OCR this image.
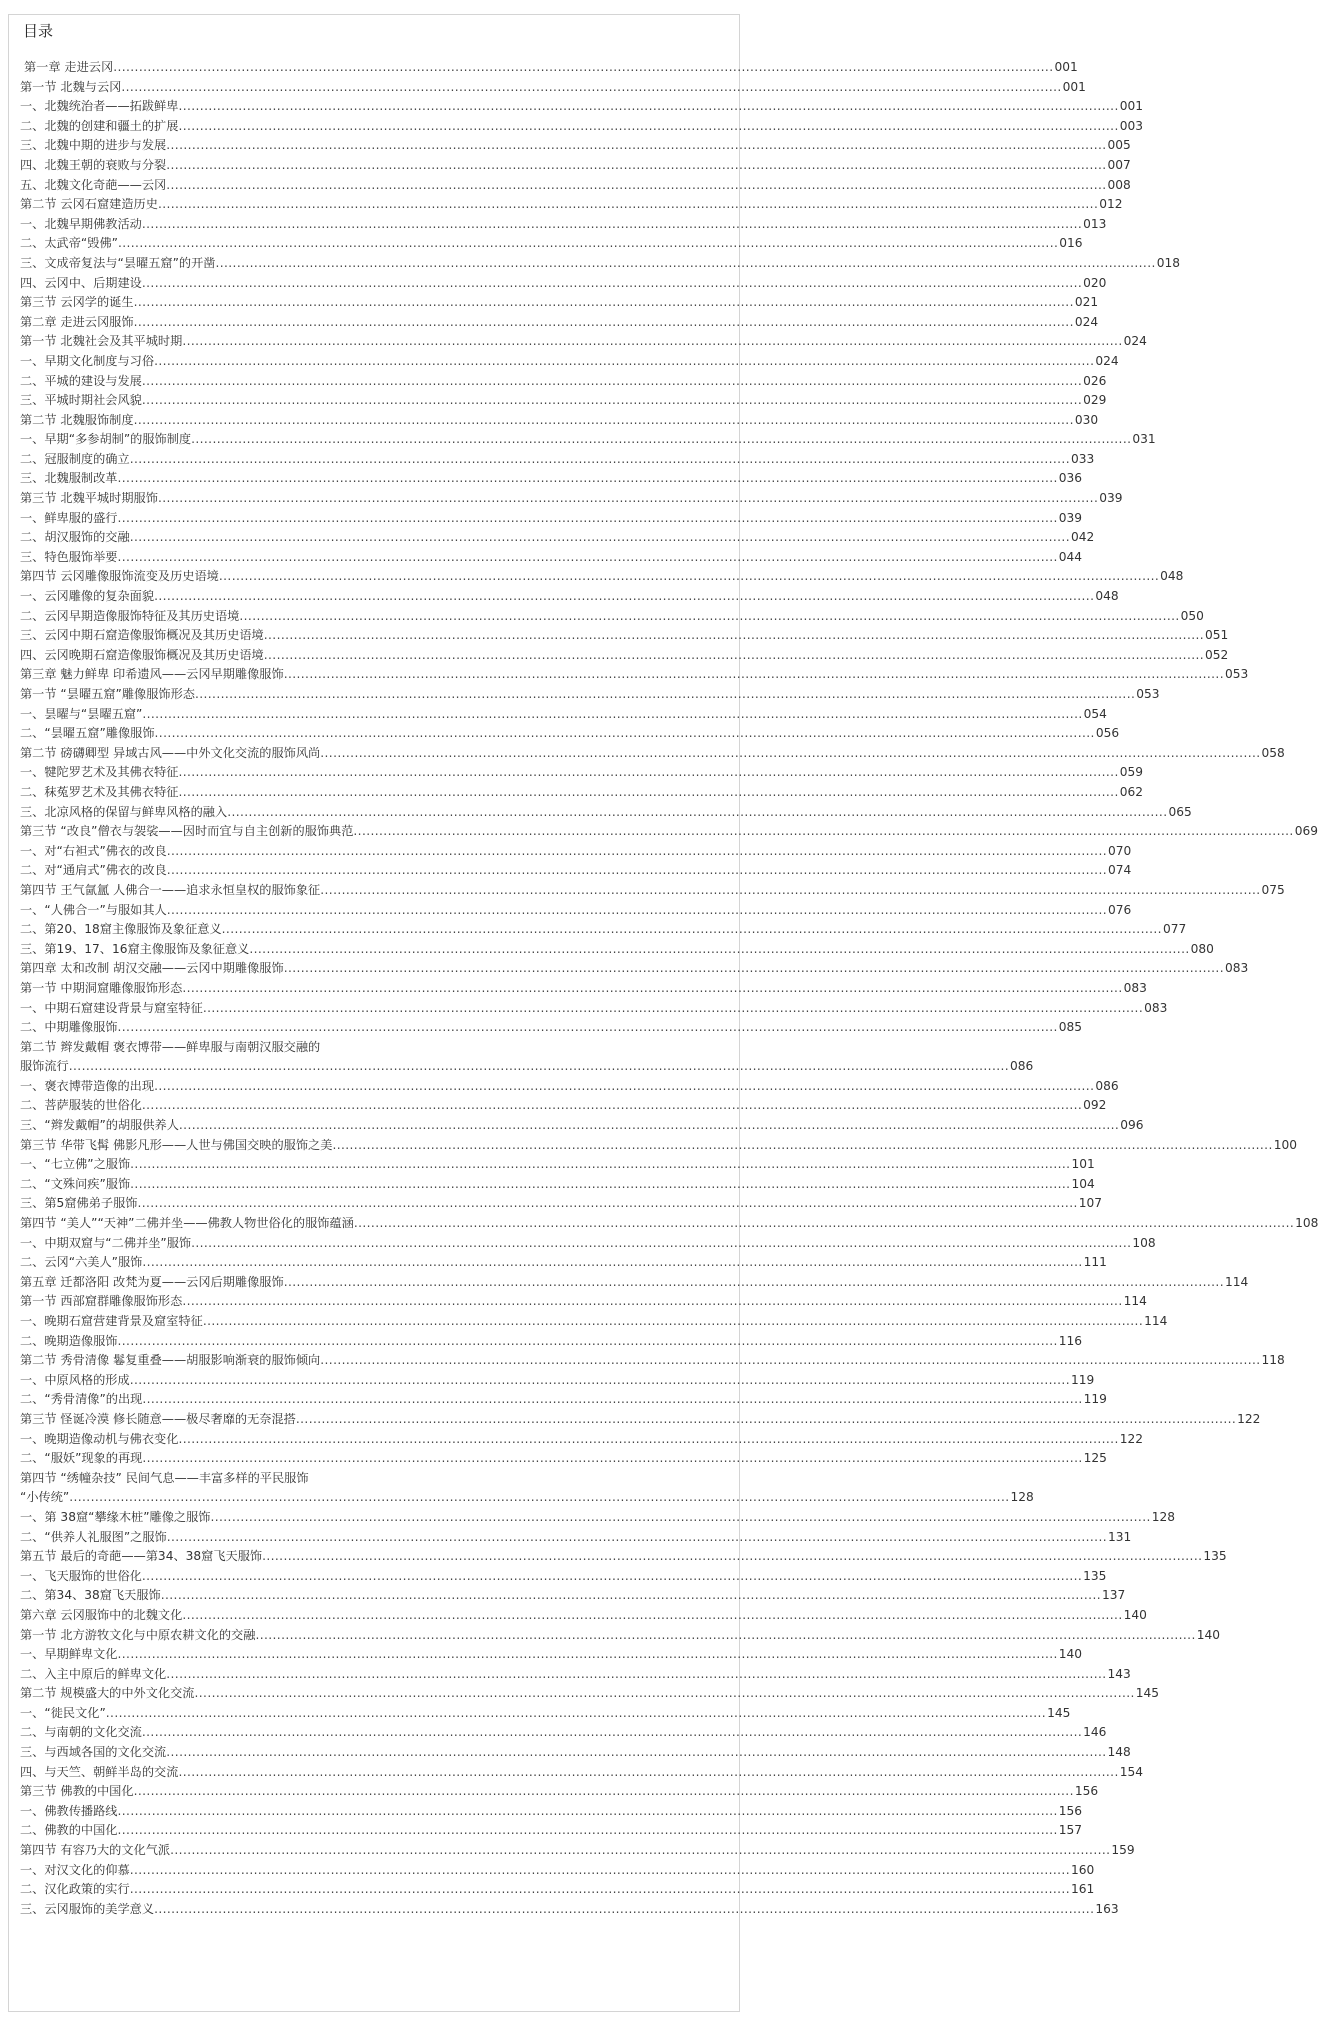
目录
第一章 走进云冈 ............................................................................................................................................................................................................................ 001
第一节 北魏与云冈 ............................................................................................................................................................................................................................ 001
一、北魏统治者——拓跋鲜卑 ............................................................................................................................................................................................................................ 001
二、北魏的创建和疆土的扩展 ............................................................................................................................................................................................................................ 003
三、北魏中期的进步与发展 ............................................................................................................................................................................................................................ 005
四、北魏王朝的衰败与分裂 ............................................................................................................................................................................................................................ 007
五、北魏文化奇葩——云冈 ............................................................................................................................................................................................................................ 008
第二节 云冈石窟建造历史 ............................................................................................................................................................................................................................ 012
一、北魏早期佛教活动 ............................................................................................................................................................................................................................ 013
二、太武帝“毁佛” ............................................................................................................................................................................................................................ 016
三、文成帝复法与“昙曜五窟”的开凿 ............................................................................................................................................................................................................................ 018
四、云冈中、后期建设 ............................................................................................................................................................................................................................ 020
第三节 云冈学的诞生 ............................................................................................................................................................................................................................ 021
第二章 走进云冈服饰 ............................................................................................................................................................................................................................ 024
第一节 北魏社会及其平城时期 ............................................................................................................................................................................................................................ 024
一、早期文化制度与习俗 ............................................................................................................................................................................................................................ 024
二、平城的建设与发展 ............................................................................................................................................................................................................................ 026
三、平城时期社会风貌 ............................................................................................................................................................................................................................ 029
第二节 北魏服饰制度 ............................................................................................................................................................................................................................ 030
一、早期“多参胡制”的服饰制度 ............................................................................................................................................................................................................................ 031
二、冠服制度的确立 ............................................................................................................................................................................................................................ 033
三、北魏服制改革 ............................................................................................................................................................................................................................ 036
第三节 北魏平城时期服饰 ............................................................................................................................................................................................................................ 039
一、鲜卑服的盛行 ............................................................................................................................................................................................................................ 039
二、胡汉服饰的交融 ............................................................................................................................................................................................................................ 042
三、特色服饰举要 ............................................................................................................................................................................................................................ 044
第四节 云冈雕像服饰流变及历史语境 ............................................................................................................................................................................................................................ 048
一、云冈雕像的复杂面貌 ............................................................................................................................................................................................................................ 048
二、云冈早期造像服饰特征及其历史语境 ............................................................................................................................................................................................................................ 050
三、云冈中期石窟造像服饰概况及其历史语境 ............................................................................................................................................................................................................................ 051
四、云冈晚期石窟造像服饰概况及其历史语境 ............................................................................................................................................................................................................................ 052
第三章 魅力鲜卑 印希遗风——云冈早期雕像服饰 ............................................................................................................................................................................................................................ 053
第一节 “昙曜五窟”雕像服饰形态 ............................................................................................................................................................................................................................ 053
一、昙曜与“昙曜五窟” ............................................................................................................................................................................................................................ 054
二、“昙曜五窟”雕像服饰 ............................................................................................................................................................................................................................ 056
第二节 磅礴卿型 异域古风——中外文化交流的服饰风尚 ............................................................................................................................................................................................................................ 058
一、犍陀罗艺术及其佛衣特征 ............................................................................................................................................................................................................................ 059
二、秣菟罗艺术及其佛衣特征 ............................................................................................................................................................................................................................ 062
三、北凉风格的保留与鲜卑风格的融入 ............................................................................................................................................................................................................................ 065
第三节 “改良”僧衣与袈裟——因时而宜与自主创新的服饰典范 ............................................................................................................................................................................................................................ 069
一、对“右袒式”佛衣的改良 ............................................................................................................................................................................................................................ 070
二、对“通肩式”佛衣的改良 ............................................................................................................................................................................................................................ 074
第四节 王气氤氲 人佛合一——追求永恒皇权的服饰象征 ............................................................................................................................................................................................................................ 075
一、“人佛合一”与服如其人 ............................................................................................................................................................................................................................ 076
二、第20、18窟主像服饰及象征意义 ............................................................................................................................................................................................................................ 077
三、第19、17、16窟主像服饰及象征意义 ............................................................................................................................................................................................................................ 080
第四章 太和改制 胡汉交融——云冈中期雕像服饰 ............................................................................................................................................................................................................................ 083
第一节 中期洞窟雕像服饰形态 ............................................................................................................................................................................................................................ 083
一、中期石窟建设背景与窟室特征 ............................................................................................................................................................................................................................ 083
二、中期雕像服饰 ............................................................................................................................................................................................................................ 085
第二节 辫发戴帽 褒衣博带——鲜卑服与南朝汉服交融的
服饰流行 ............................................................................................................................................................................................................................ 086
一、褒衣博带造像的出现 ............................................................................................................................................................................................................................ 086
二、菩萨服装的世俗化 ............................................................................................................................................................................................................................ 092
三、“辫发戴帽”的胡服供养人 ............................................................................................................................................................................................................................ 096
第三节 华带飞髯 佛影凡形——人世与佛国交映的服饰之美 ............................................................................................................................................................................................................................ 100
一、“七立佛”之服饰 ............................................................................................................................................................................................................................ 101
二、“文殊问疾”服饰 ............................................................................................................................................................................................................................ 104
三、第5窟佛弟子服饰 ............................................................................................................................................................................................................................ 107
第四节 “美人”“天神”二佛并坐——佛教人物世俗化的服饰蕴涵 ............................................................................................................................................................................................................................ 108
一、中期双窟与“二佛并坐”服饰 ............................................................................................................................................................................................................................ 108
二、云冈“六美人”服饰 ............................................................................................................................................................................................................................ 111
第五章 迁都洛阳 改梵为夏——云冈后期雕像服饰 ............................................................................................................................................................................................................................ 114
第一节 西部窟群雕像服饰形态 ............................................................................................................................................................................................................................ 114
一、晚期石窟营建背景及窟室特征 ............................................................................................................................................................................................................................ 114
二、晚期造像服饰 ............................................................................................................................................................................................................................ 116
第二节 秀骨清像 鬈复重叠——胡服影响渐衰的服饰倾向 ............................................................................................................................................................................................................................ 118
一、中原风格的形成 ............................................................................................................................................................................................................................ 119
二、“秀骨清像”的出现 ............................................................................................................................................................................................................................ 119
第三节 怪诞冷漠 修长随意——极尽奢靡的无奈混搭 ............................................................................................................................................................................................................................ 122
一、晚期造像动机与佛衣变化 ............................................................................................................................................................................................................................ 122
二、“服妖”现象的再现 ............................................................................................................................................................................................................................ 125
第四节 “绣幢杂技” 民间气息——丰富多样的平民服饰
“小传统” ............................................................................................................................................................................................................................ 128
一、第 38窟“攀缘木桩”雕像之服饰 ............................................................................................................................................................................................................................ 128
二、“供养人礼服图”之服饰 ............................................................................................................................................................................................................................ 131
第五节 最后的奇葩——第34、38窟飞天服饰 ............................................................................................................................................................................................................................ 135
一、飞天服饰的世俗化 ............................................................................................................................................................................................................................ 135
二、第34、38窟飞天服饰 ............................................................................................................................................................................................................................ 137
第六章 云冈服饰中的北魏文化 ............................................................................................................................................................................................................................ 140
第一节 北方游牧文化与中原农耕文化的交融 ............................................................................................................................................................................................................................ 140
一、早期鲜卑文化 ............................................................................................................................................................................................................................ 140
二、入主中原后的鲜卑文化 ............................................................................................................................................................................................................................ 143
第二节 规模盛大的中外文化交流 ............................................................................................................................................................................................................................ 145
一、“徙民文化” ............................................................................................................................................................................................................................ 145
二、与南朝的文化交流 ............................................................................................................................................................................................................................ 146
三、与西域各国的文化交流 ............................................................................................................................................................................................................................ 148
四、与天竺、朝鲜半岛的交流 ............................................................................................................................................................................................................................ 154
第三节 佛教的中国化 ............................................................................................................................................................................................................................ 156
一、佛教传播路线 ............................................................................................................................................................................................................................ 156
二、佛教的中国化 ............................................................................................................................................................................................................................ 157
第四节 有容乃大的文化气派 ............................................................................................................................................................................................................................ 159
一、对汉文化的仰慕 ............................................................................................................................................................................................................................ 160
二、汉化政策的实行 ............................................................................................................................................................................................................................ 161
三、云冈服饰的美学意义 ............................................................................................................................................................................................................................ 163
